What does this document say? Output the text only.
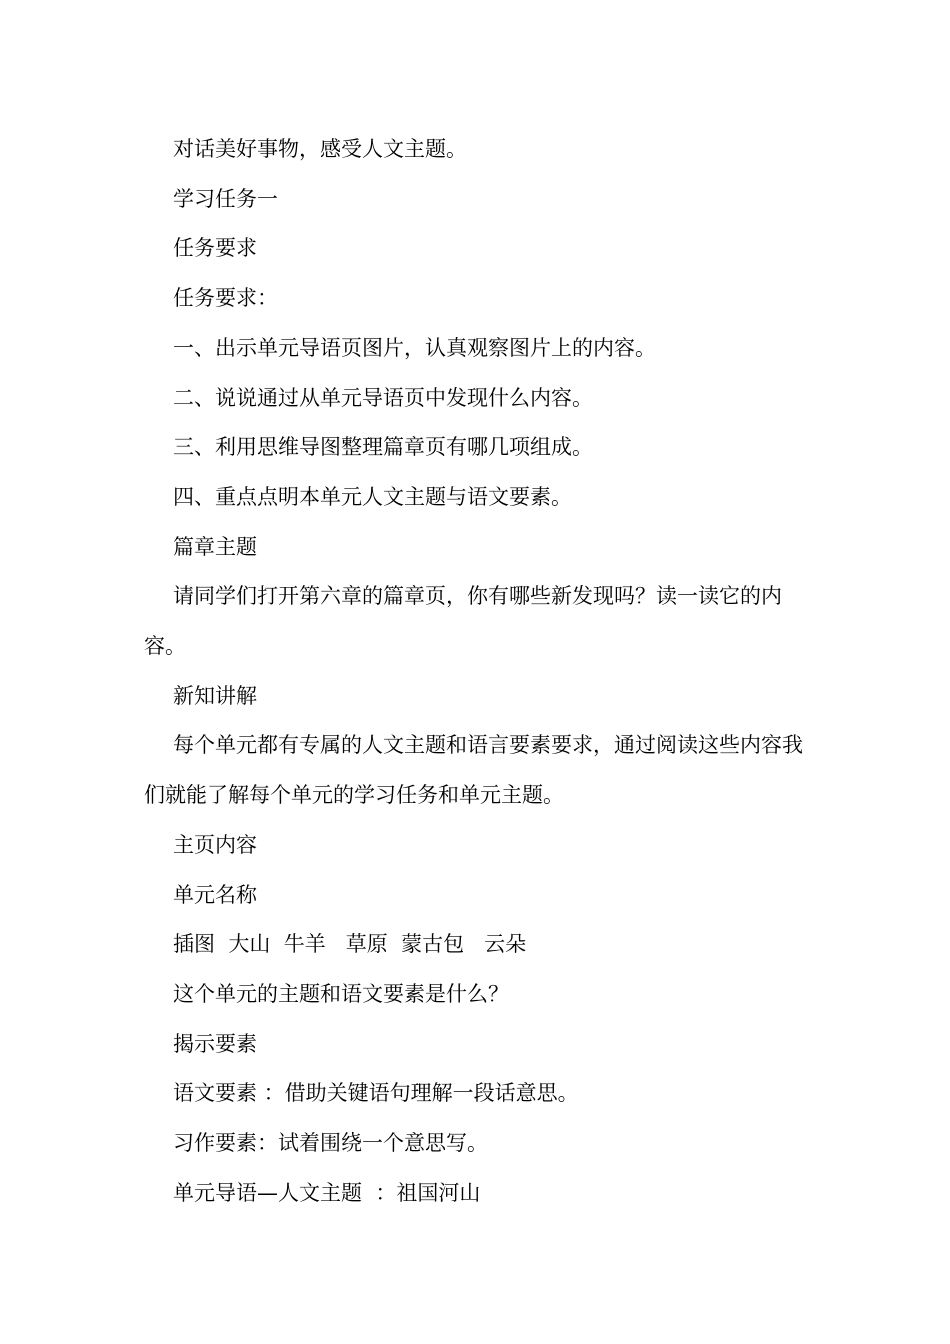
对话美好事物，感受人文主题。

学习任务一

任务要求

任务要求：

一、出示单元导语页图片，认真观察图片上的内容。

二、说说通过从单元导语页中发现什么内容。

三、利用思维导图整理篇章页有哪几项组成。

四、重点点明本单元人文主题与语文要素。

篇章主题

请同学们打开第六章的篇章页，你有哪些新发现吗？读一读它的内容。

新知讲解

每个单元都有专属的人文主题和语言要素要求，通过阅读这些内容我们就能了解每个单元的学习任务和单元主题。

主页内容

单元名称

插图  大山  牛羊   草原  蒙古包   云朵

这个单元的主题和语文要素是什么？

揭示要素

语文要素 ：借助关键语句理解一段话意思。

习作要素：试着围绕一个意思写。

单元导语—人文主题  ：祖国河山
